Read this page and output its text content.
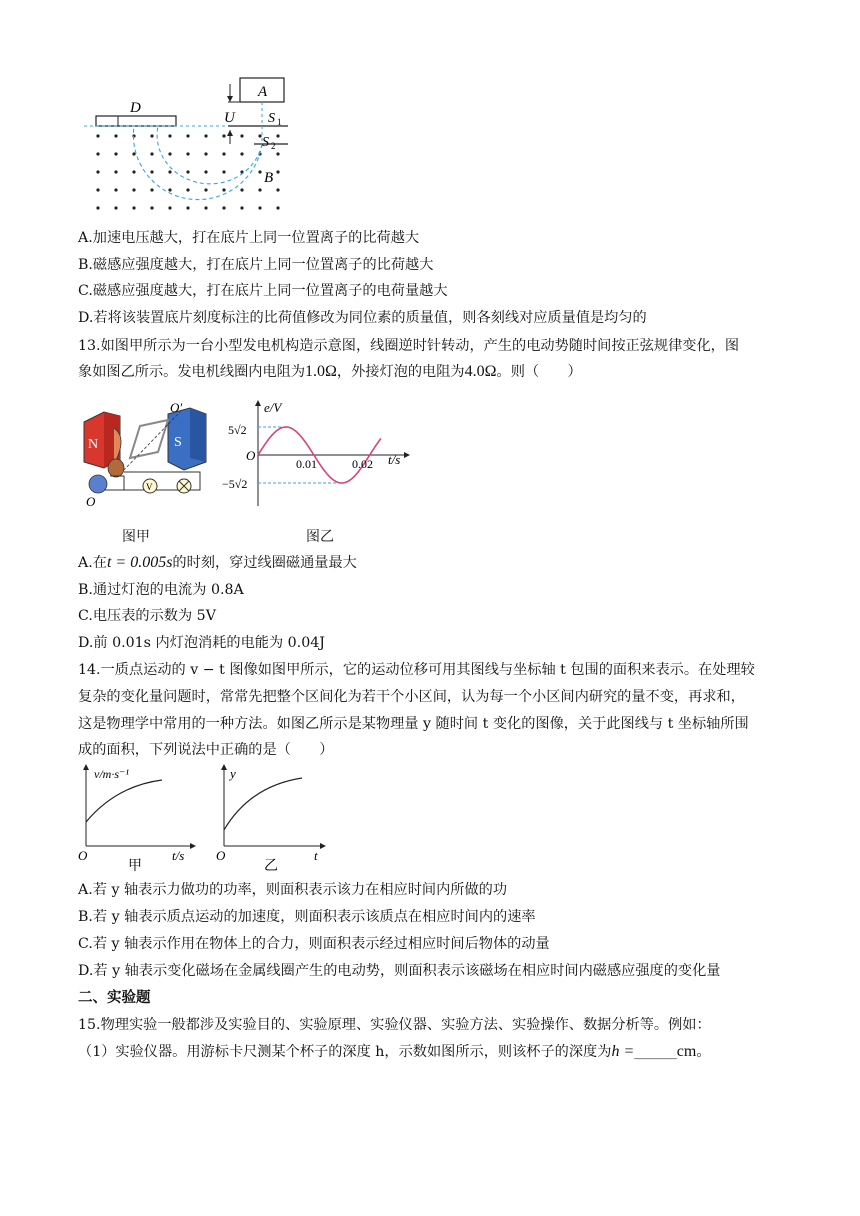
D
A
U S 1
S 2
B
A.加速电压越大，打在底片上同一位置离子的比荷越大
B.磁感应强度越大，打在底片上同一位置离子的比荷越大
C.磁感应强度越大，打在底片上同一位置离子的电荷量越大
D.若将该装置底片刻度标注的比荷值修改为同位素的质量值，则各刻线对应质量值是均匀的
13.如图甲所示为一台小型发电机构造示意图，线圈逆时针转动，产生的电动势随时间按正弦规律变化，图
象如图乙所示。发电机线圈内电阻为1.0Ω，外接灯泡的电阻为4.0Ω。则（　　）
N	S
O′
O
V
e/V
t/s
O
5√2
−5√2
0.01	0.02
图甲	图乙
A.在t = 0.005s的时刻，穿过线圈磁通量最大
B.通过灯泡的电流为 0.8A
C.电压表的示数为 5V
D.前 0.01s 内灯泡消耗的电能为 0.04J
14.一质点运动的 v − t 图像如图甲所示，它的运动位移可用其图线与坐标轴 t 包围的面积来表示。在处理较
复杂的变化量问题时，常常先把整个区间化为若干个小区间，认为每一个小区间内研究的量不变，再求和，
这是物理学中常用的一种方法。如图乙所示是某物理量 y 随时间 t 变化的图像，关于此图线与 t 坐标轴所围
成的面积，下列说法中正确的是（　　）
v/m·s⁻¹
O	t/s
甲
y
O	t
乙
A.若 y 轴表示力做功的功率，则面积表示该力在相应时间内所做的功
B.若 y 轴表示质点运动的加速度，则面积表示该质点在相应时间内的速率
C.若 y 轴表示作用在物体上的合力，则面积表示经过相应时间后物体的动量
D.若 y 轴表示变化磁场在金属线圈产生的电动势，则面积表示该磁场在相应时间内磁感应强度的变化量
二、实验题
15.物理实验一般都涉及实验目的、实验原理、实验仪器、实验方法、实验操作、数据分析等。例如：
（1）实验仪器。用游标卡尺测某个杯子的深度 h，示数如图所示，则该杯子的深度为h =______cm。
